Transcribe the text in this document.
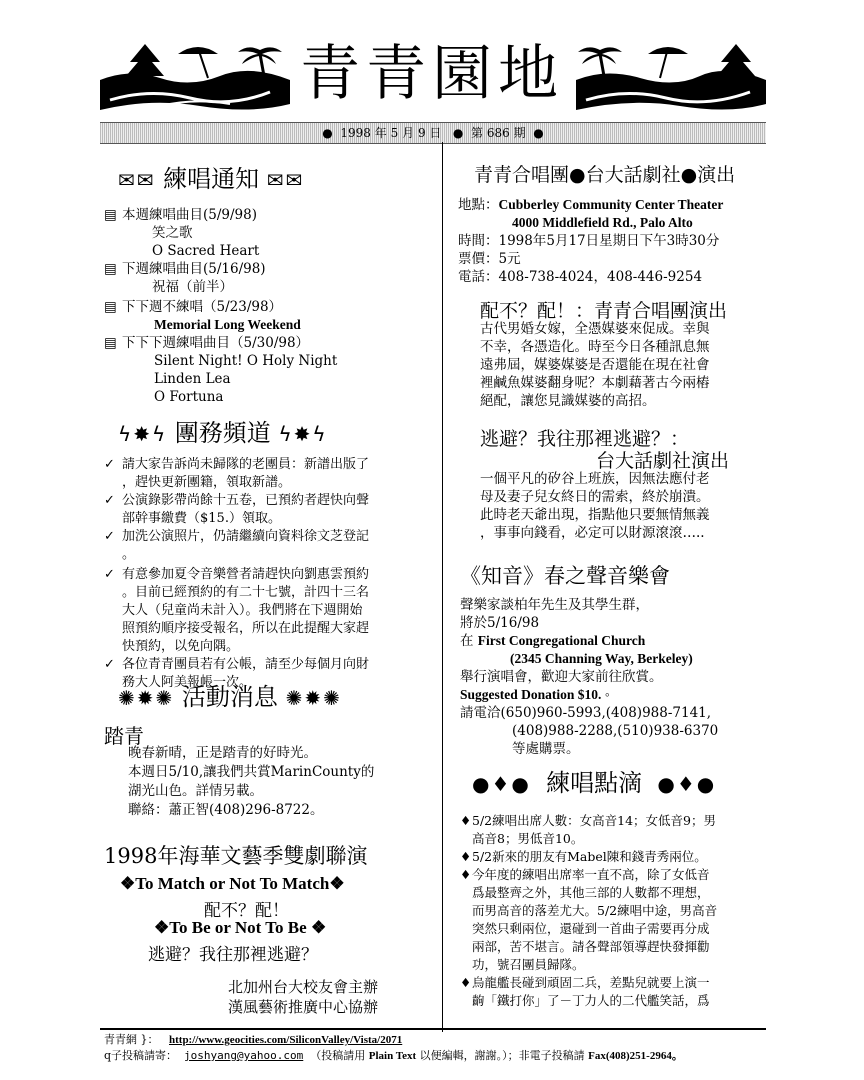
青青園地
●  1998 年 5 月 9 日   ●  第 686 期  ●
✉✉ 練唱通知 ✉✉
▤ 本週練唱曲目(5/9/98)
笑之歌
O Sacred Heart
▤ 下週練唱曲目(5/16/98)
祝福（前半）
▤ 下下週不練唱（5/23/98）
Memorial Long Weekend
▤ 下下下週練唱曲目（5/30/98）
Silent Night! O Holy Night
Linden Lea
O Fortuna
ϟ✸ϟ 團務頻道 ϟ✸ϟ
✓ 請大家告訴尚未歸隊的老團員：新譜出版了
，趕快更新團籍，領取新譜。
✓ 公演錄影帶尚餘十五卷，已預約者趕快向聲
部幹事繳費（$15.）領取。
✓ 加洗公演照片，仍請繼續向資料徐文芝登記
。
✓ 有意參加夏令音樂營者請趕快向劉惠雲預約
。目前已經預約的有二十七號，計四十三名
大人（兒童尚未計入）。我們將在下週開始
照預約順序接受報名，所以在此提醒大家趕
快預約，以免向隅。
✓ 各位青青團員若有公帳，請至少每個月向財
務大人阿美報帳一次。
✺✹✺ 活動消息 ✺✹✺
踏青
晚春新晴，正是踏青的好時光。
本週日5/10,讓我們共賞MarinCounty的
湖光山色。詳情另載。
聯絡：蕭正智(408)296-8722。
1998年海華文藝季雙劇聯演
❖To Match or Not To Match❖
配不？配！
❖To Be or Not To Be ❖
逃避？我往那裡逃避？
北加州台大校友會主辦
漢風藝術推廣中心協辦
青青合唱團●台大話劇社●演出
地點：Cubberley Community Center Theater
4000 Middlefield Rd., Palo Alto
時間：1998年5月17日星期日下午3時30分
票價：5元
電話：408-738-4024，408-446-9254
配不？配！：青青合唱團演出
古代男婚女嫁，全憑媒婆來促成。幸與
不幸，各憑造化。時至今日各種訊息無
遠弗屆，媒婆媒婆是否還能在現在社會
裡鹹魚媒婆翻身呢？本劇藉著古今兩樁
絕配，讓您見識媒婆的高招。
逃避？我往那裡逃避？：
台大話劇社演出
一個平凡的矽谷上班族，因無法應付老
母及妻子兒女終日的需索，終於崩潰。
此時老天爺出現，指點他只要無情無義
，事事向錢看，必定可以財源滾滾…..
《知音》春之聲音樂會
聲樂家談柏年先生及其學生群，
將於5/16/98
在 First Congregational Church
(2345 Channing Way, Berkeley)
舉行演唱會，歡迎大家前往欣賞。
Suggested Donation $10. ◦
請電洽(650)960-5993,(408)988-7141,
(408)988-2288,(510)938-6370
等處購票。
●♦● 練唱點滴 ●♦●
♦5/2練唱出席人數：女高音14；女低音9；男
高音8；男低音10。
♦5/2新來的朋友有Mabel陳和錢青秀兩位。
♦今年度的練唱出席率一直不高，除了女低音
爲最整齊之外，其他三部的人數都不理想，
而男高音的落差尤大。5/2練唱中途，男高音
突然只剩兩位，還碰到一首曲子需要再分成
兩部，苦不堪言。請各聲部領導趕快發揮勸
功，號召團員歸隊。
♦烏龍艦長碰到頑固二兵，差點兒就要上演一
齣「鐵打你」了－丁力人的二代艦笑話，爲
青青網 }： http://www.geocities.com/SiliconValley/Vista/2071
q子投稿請寄： joshyang@yahoo.com （投稿請用 Plain Text 以便編輯，謝謝。）；非電子投稿請 Fax(408)251-2964。
